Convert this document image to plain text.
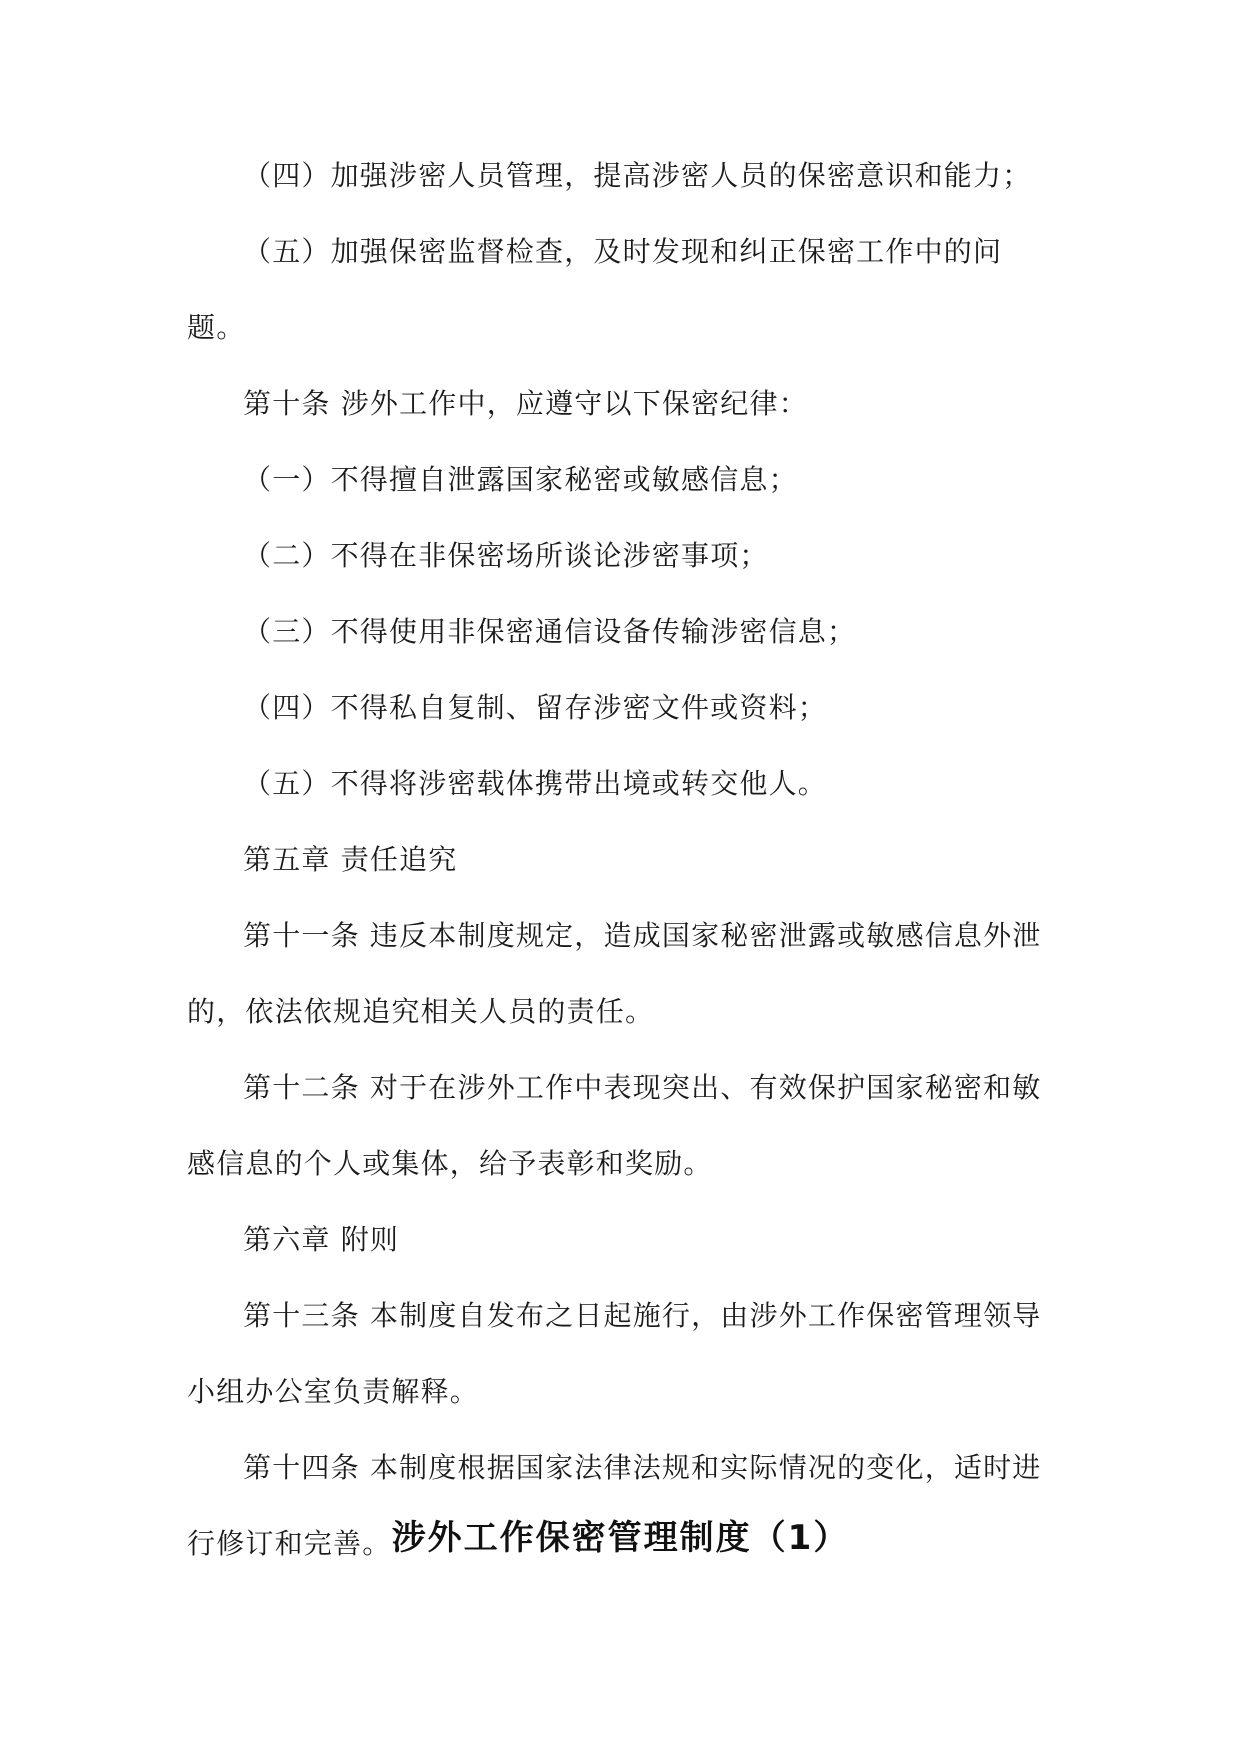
（四）加强涉密人员管理，提高涉密人员的保密意识和能力；

（五）加强保密监督检查，及时发现和纠正保密工作中的问题。

第十条 涉外工作中，应遵守以下保密纪律：

（一）不得擅自泄露国家秘密或敏感信息；

（二）不得在非保密场所谈论涉密事项；

（三）不得使用非保密通信设备传输涉密信息；

（四）不得私自复制、留存涉密文件或资料；

（五）不得将涉密载体携带出境或转交他人。

第五章 责任追究

第十一条 违反本制度规定，造成国家秘密泄露或敏感信息外泄的，依法依规追究相关人员的责任。

第十二条 对于在涉外工作中表现突出、有效保护国家秘密和敏感信息的个人或集体，给予表彰和奖励。

第六章 附则

第十三条 本制度自发布之日起施行，由涉外工作保密管理领导小组办公室负责解释。

第十四条 本制度根据国家法律法规和实际情况的变化，适时进行修订和完善。 涉外工作保密管理制度（1）
